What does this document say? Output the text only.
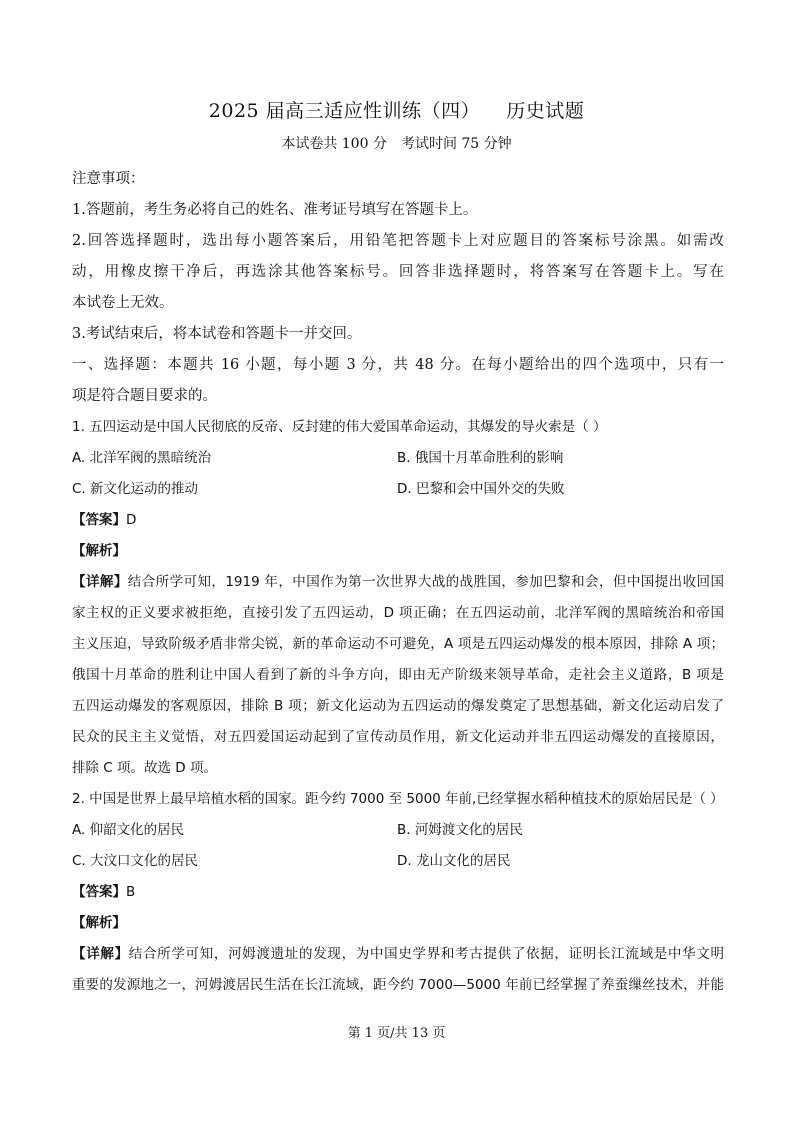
2025 届高三适应性训练（四） 历史试题
本试卷共 100 分 考试时间 75 分钟
注意事项：
1.答题前，考生务必将自己的姓名、准考证号填写在答题卡上。
2.回答选择题时，选出每小题答案后，用铅笔把答题卡上对应题目的答案标号涂黑。如需改
动，用橡皮擦干净后，再选涂其他答案标号。回答非选择题时，将答案写在答题卡上。写在
本试卷上无效。
3.考试结束后，将本试卷和答题卡一并交回。
一、选择题：本题共 16 小题，每小题 3 分，共 48 分。在每小题给出的四个选项中，只有一
项是符合题目要求的。
1. 五四运动是中国人民彻底的反帝、反封建的伟大爱国革命运动，其爆发的导火索是（ ）
A. 北洋军阀的黑暗统治	B. 俄国十月革命胜利的影响
C. 新文化运动的推动	D. 巴黎和会中国外交的失败
【答案】D
【解析】
【详解】结合所学可知，1919 年，中国作为第一次世界大战的战胜国，参加巴黎和会，但中国提出收回国
家主权的正义要求被拒绝，直接引发了五四运动，D 项正确；在五四运动前，北洋军阀的黑暗统治和帝国
主义压迫，导致阶级矛盾非常尖锐，新的革命运动不可避免，A 项是五四运动爆发的根本原因，排除 A 项；
俄国十月革命的胜利让中国人看到了新的斗争方向，即由无产阶级来领导革命，走社会主义道路，B 项是
五四运动爆发的客观原因，排除 B 项；新文化运动为五四运动的爆发奠定了思想基础，新文化运动启发了
民众的民主主义觉悟，对五四爱国运动起到了宣传动员作用，新文化运动并非五四运动爆发的直接原因，
排除 C 项。故选 D 项。
2. 中国是世界上最早培植水稻的国家。距今约 7000 至 5000 年前,已经掌握水稻种植技术的原始居民是（ ）
A. 仰韶文化的居民	B. 河姆渡文化的居民
C. 大汶口文化的居民	D. 龙山文化的居民
【答案】B
【解析】
【详解】结合所学可知，河姆渡遗址的发现，为中国史学界和考古提供了依据，证明长江流域是中华文明
重要的发源地之一，河姆渡居民生活在长江流域，距今约 7000—5000 年前已经掌握了养蚕缫丝技术，并能
第 1 页/共 13 页
